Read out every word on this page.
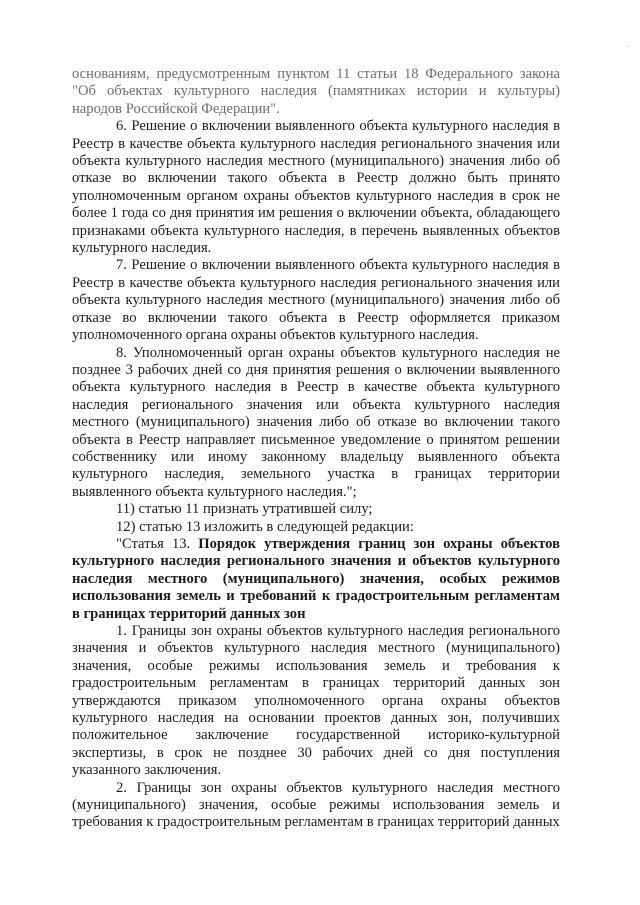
основаниям, предусмотренным пунктом 11 статьи 18 Федерального закона "Об объектах культурного наследия (памятниках истории и культуры) народов Российской Федерации".

6. Решение о включении выявленного объекта культурного наследия в Реестр в качестве объекта культурного наследия регионального значения или объекта культурного наследия местного (муниципального) значения либо об отказе во включении такого объекта в Реестр должно быть принято уполномоченным органом охраны объектов культурного наследия в срок не более 1 года со дня принятия им решения о включении объекта, обладающего признаками объекта культурного наследия, в перечень выявленных объектов культурного наследия.

7. Решение о включении выявленного объекта культурного наследия в Реестр в качестве объекта культурного наследия регионального значения или объекта культурного наследия местного (муниципального) значения либо об отказе во включении такого объекта в Реестр оформляется приказом уполномоченного органа охраны объектов культурного наследия.

8. Уполномоченный орган охраны объектов культурного наследия не позднее 3 рабочих дней со дня принятия решения о включении выявленного объекта культурного наследия в Реестр в качестве объекта культурного наследия регионального значения или объекта культурного наследия местного (муниципального) значения либо об отказе во включении такого объекта в Реестр направляет письменное уведомление о принятом решении собственнику или иному законному владельцу выявленного объекта культурного наследия, земельного участка в границах территории выявленного объекта культурного наследия.";

11) статью 11 признать утратившей силу;

12) статью 13 изложить в следующей редакции:

"Статья 13. Порядок утверждения границ зон охраны объектов культурного наследия регионального значения и объектов культурного наследия местного (муниципального) значения, особых режимов использования земель и требований к градостроительным регламентам в границах территорий данных зон

1. Границы зон охраны объектов культурного наследия регионального значения и объектов культурного наследия местного (муниципального) значения, особые режимы использования земель и требования к градостроительным регламентам в границах территорий данных зон утверждаются приказом уполномоченного органа охраны объектов культурного наследия на основании проектов данных зон, получивших положительное заключение государственной историко-культурной экспертизы, в срок не позднее 30 рабочих дней со дня поступления указанного заключения.

2. Границы зон охраны объектов культурного наследия местного (муниципального) значения, особые режимы использования земель и требования к градостроительным регламентам в границах территорий данных

·
